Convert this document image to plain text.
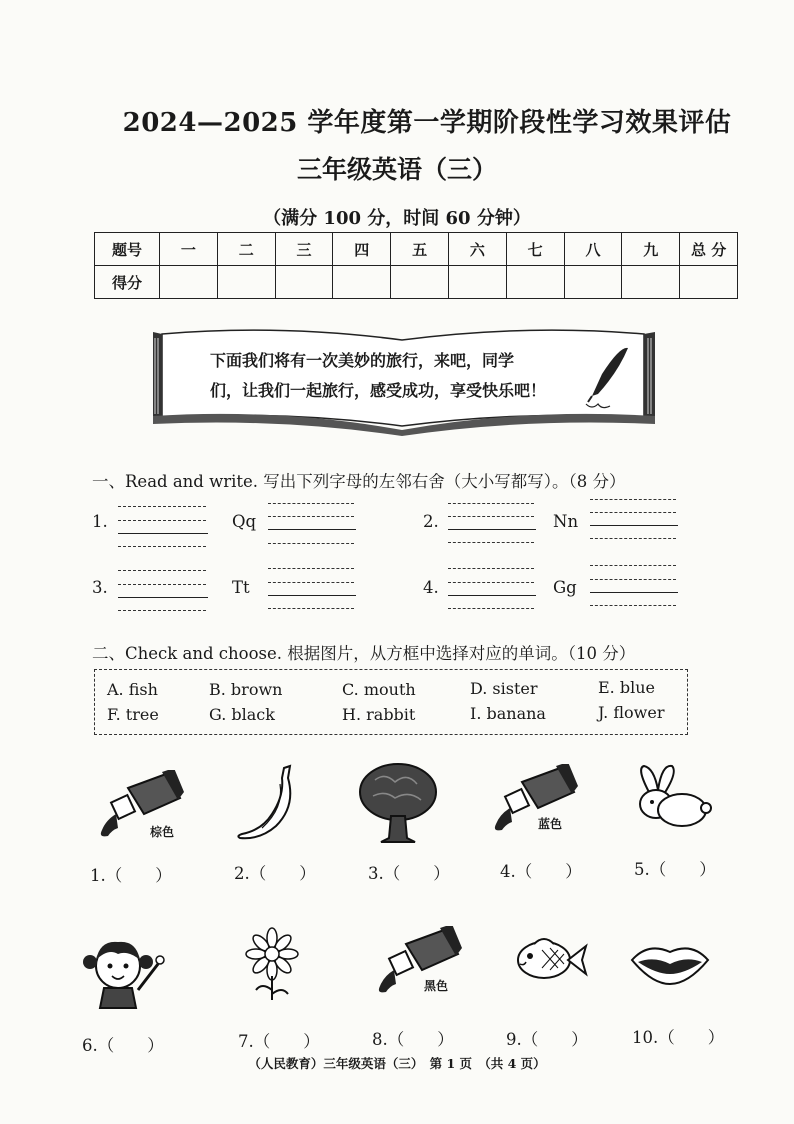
2024—2025 学年度第一学期阶段性学习效果评估
三年级英语（三）
（满分 100 分，时间 60 分钟）
题号	一	二	三	四	五	六	七	八	九	总 分
得分										
下面我们将有一次美妙的旅行，来吧，同学
们，让我们一起旅行，感受成功，享受快乐吧！
一、Read and write. 写出下列字母的左邻右舍（大小写都写）。（8 分）
1.	Qq	2.	Nn
3.	Tt	4.	Gg
二、Check and choose. 根据图片，从方框中选择对应的单词。（10 分）
A. fish	B. brown	C. mouth	D. sister	E. blue
F. tree	G. black	H. rabbit	I. banana	J. flower
棕色
蓝色
1.（　　）	2.（　　）	3.（　　）	4.（　　）	5.（　　）
黑色
6.（　　）	7.（　　）	8.（　　）	9.（　　）	10.（　　）
（人民教育）三年级英语（三）　第 1 页　（共 4 页）
